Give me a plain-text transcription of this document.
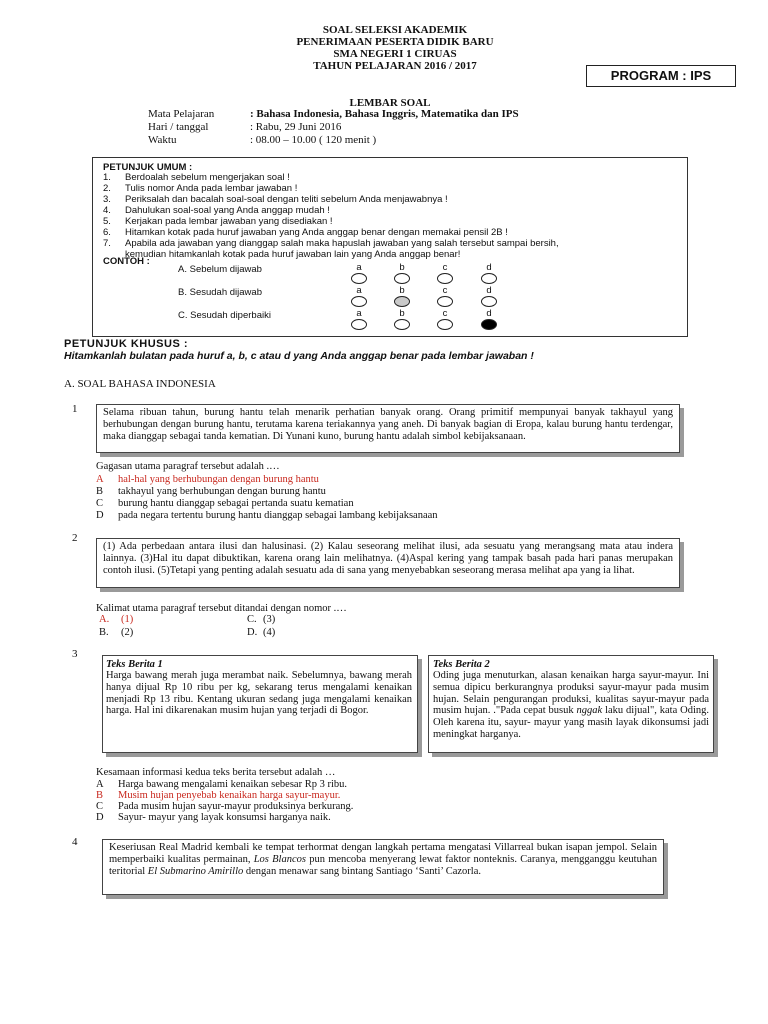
SOAL SELEKSI AKADEMIK
PENERIMAAN PESERTA DIDIK BARU
SMA NEGERI 1 CIRUAS
TAHUN PELAJARAN 2016 / 2017
PROGRAM : IPS
LEMBAR SOAL
Mata Pelajaran	: Bahasa Indonesia, Bahasa Inggris, Matematika dan IPS
Hari / tanggal	: Rabu, 29 Juni 2016
Waktu	: 08.00 – 10.00 ( 120 menit )
PETUNJUK UMUM :
1. Berdoalah sebelum mengerjakan soal !
2. Tulis nomor Anda pada lembar jawaban !
3. Periksalah dan bacalah soal-soal dengan teliti sebelum Anda menjawabnya !
4. Dahulukan soal-soal yang Anda anggap mudah !
5. Kerjakan pada lembar jawaban yang disediakan !
6. Hitamkan kotak pada huruf jawaban yang Anda anggap benar dengan memakai pensil 2B !
7. Apabila ada jawaban yang dianggap salah maka hapuslah jawaban yang salah tersebut sampai bersih,
kemudian hitamkanlah kotak pada huruf jawaban lain yang Anda anggap benar!
CONTOH :
A. Sebelum dijawab	a	b	c	d
B. Sesudah dijawab	a	b	c	d
C. Sesudah diperbaiki	a	b	c	d
PETUNJUK KHUSUS :
Hitamkanlah bulatan pada huruf a, b, c atau d yang Anda anggap benar pada lembar jawaban !
A. SOAL BAHASA INDONESIA
1	Selama ribuan tahun, burung hantu telah menarik perhatian banyak orang. Orang primitif mempunyai banyak takhayul yang berhubungan dengan burung hantu, terutama karena teriakannya yang aneh. Di banyak bagian di Eropa, kalau burung hantu terdengar, maka dianggap sebagai tanda kematian. Di Yunani kuno, burung hantu adalah simbol kebijaksanaan.
Gagasan utama paragraf tersebut adalah .…
A hal-hal yang berhubungan dengan burung hantu
B takhayul yang berhubungan dengan burung hantu
C burung hantu dianggap sebagai pertanda suatu kematian
D pada negara tertentu burung hantu dianggap sebagai lambang kebijaksanaan
2
(1) Ada perbedaan antara ilusi dan halusinasi. (2) Kalau seseorang melihat ilusi, ada sesuatu yang merangsang mata atau indera lainnya. (3)Hal itu dapat dibuktikan, karena orang lain melihatnya. (4)Aspal kering yang tampak basah pada hari panas merupakan contoh ilusi. (5)Tetapi yang penting adalah sesuatu ada di sana yang menyebabkan seseorang merasa melihat apa yang ia lihat.
Kalimat utama paragraf tersebut ditandai dengan nomor .…
A. (1)
B. (2)
C. (3)
D. (4)
3
Teks Berita 1
Harga bawang merah juga merambat naik. Sebelumnya, bawang merah hanya dijual Rp 10 ribu per kg, sekarang terus mengalami kenaikan menjadi Rp 13 ribu. Kentang ukuran sedang juga mengalami kenaikan harga. Hal ini dikarenakan musim hujan yang terjadi di Bogor.
Teks Berita 2
Oding juga menuturkan, alasan kenaikan harga sayur-mayur. Ini semua dipicu berkurangnya produksi sayur-mayur pada musim hujan. Selain pengurangan produksi, kualitas sayur-mayur pada musim hujan. ."Pada cepat busuk nggak laku dijual", kata Oding. Oleh karena itu, sayur- mayur yang masih layak dikonsumsi jadi meningkat harganya.
Kesamaan informasi kedua teks berita tersebut adalah …
A Harga bawang mengalami kenaikan sebesar Rp 3 ribu.
B Musim hujan penyebab kenaikan harga sayur-mayur.
C Pada musim hujan sayur-mayur produksinya berkurang.
D Sayur- mayur yang layak konsumsi harganya naik.
4	Keseriusan Real Madrid kembali ke tempat terhormat dengan langkah pertama mengatasi Villarreal bukan isapan jempol. Selain memperbaiki kualitas permainan, Los Blancos pun mencoba menyerang lewat faktor nonteknis. Caranya, mengganggu keutuhan teritorial El Submarino Amirillo dengan menawar sang bintang Santiago ‘Santi’ Cazorla.
